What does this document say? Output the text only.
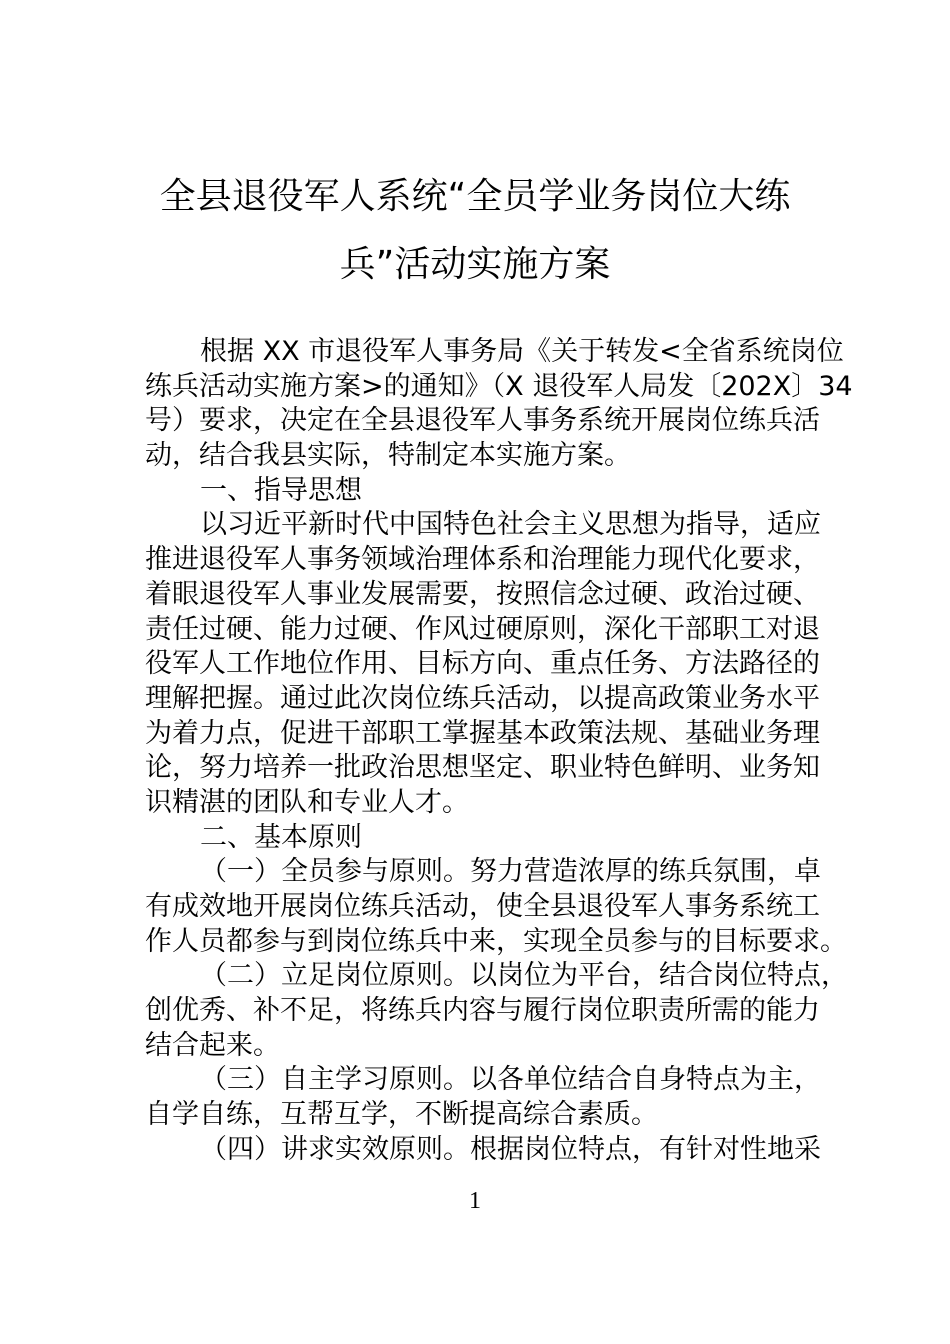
全县退役军人系统“全员学业务岗位大练
兵”活动实施方案
根据 XX 市退役军人事务局《关于转发<全省系统岗位
练兵活动实施方案>的通知》（X 退役军人局发〔202X〕34
号）要求，决定在全县退役军人事务系统开展岗位练兵活
动，结合我县实际，特制定本实施方案。
一、指导思想
以习近平新时代中国特色社会主义思想为指导，适应
推进退役军人事务领域治理体系和治理能力现代化要求，
着眼退役军人事业发展需要，按照信念过硬、政治过硬、
责任过硬、能力过硬、作风过硬原则，深化干部职工对退
役军人工作地位作用、目标方向、重点任务、方法路径的
理解把握。通过此次岗位练兵活动，以提高政策业务水平
为着力点，促进干部职工掌握基本政策法规、基础业务理
论，努力培养一批政治思想坚定、职业特色鲜明、业务知
识精湛的团队和专业人才。
二、基本原则
（一）全员参与原则。努力营造浓厚的练兵氛围，卓
有成效地开展岗位练兵活动，使全县退役军人事务系统工
作人员都参与到岗位练兵中来，实现全员参与的目标要求。
（二）立足岗位原则。以岗位为平台，结合岗位特点，
创优秀、补不足，将练兵内容与履行岗位职责所需的能力
结合起来。
（三）自主学习原则。以各单位结合自身特点为主，
自学自练，互帮互学，不断提高综合素质。
（四）讲求实效原则。根据岗位特点，有针对性地采
1
